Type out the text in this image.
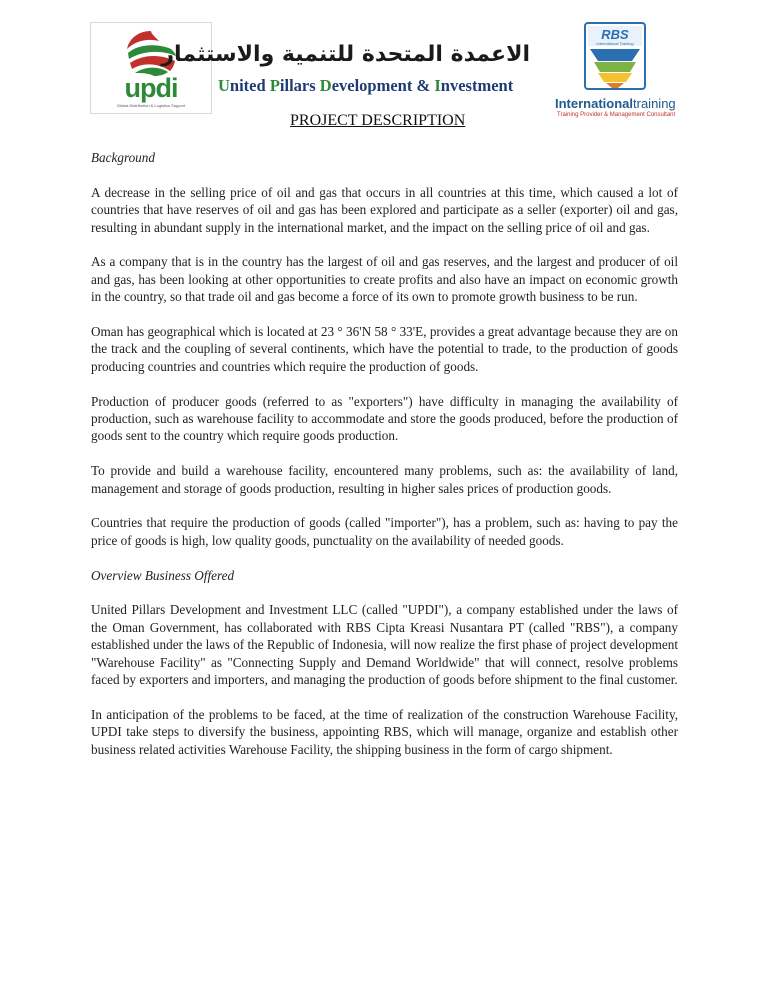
updi
Global Distribution & Logistics Support
الاعمدة المتحدة للتنمية والاستثمار
United Pillars Development & Investment
RBS
International Training
Internationaltraining
Training Provider & Management Consultant
PROJECT DESCRIPTION

Background

A decrease in the selling price of oil and gas that occurs in all countries at this time, which caused a lot of countries that have reserves of oil and gas has been explored and participate as a seller (exporter) oil and gas, resulting in abundant supply in the international market, and the impact on the selling price of oil and gas.

As a company that is in the country has the largest of oil and gas reserves, and the largest and producer of oil and gas, has been looking at other opportunities to create profits and also have an impact on economic growth in the country, so that trade oil and gas become a force of its own to promote growth business to be run.

Oman has geographical which is located at 23 ° 36'N 58 ° 33'E, provides a great advantage because they are on the track and the coupling of several continents, which have the potential to trade, to the production of goods producing countries and countries which require the production of goods.

Production of producer goods (referred to as "exporters") have difficulty in managing the availability of production, such as warehouse facility to accommodate and store the goods produced, before the production of goods sent to the country which require goods production.

To provide and build a warehouse facility, encountered many problems, such as: the availability of land, management and storage of goods production, resulting in higher sales prices of production goods.

Countries that require the production of goods (called "importer"), has a problem, such as: having to pay the price of goods is high, low quality goods, punctuality on the availability of needed goods.

Overview Business Offered

United Pillars Development and Investment LLC (called "UPDI"), a company established under the laws of the Oman Government, has collaborated with RBS Cipta Kreasi Nusantara PT (called "RBS"), a company established under the laws of the Republic of Indonesia, will now realize the first phase of project development "Warehouse Facility" as "Connecting Supply and Demand Worldwide" that will connect, resolve problems faced by exporters and importers, and managing the production of goods before shipment to the final customer.

In anticipation of the problems to be faced, at the time of realization of the construction Warehouse Facility, UPDI take steps to diversify the business, appointing RBS, which will manage, organize and establish other business related activities Warehouse Facility, the shipping business in the form of cargo shipment.
